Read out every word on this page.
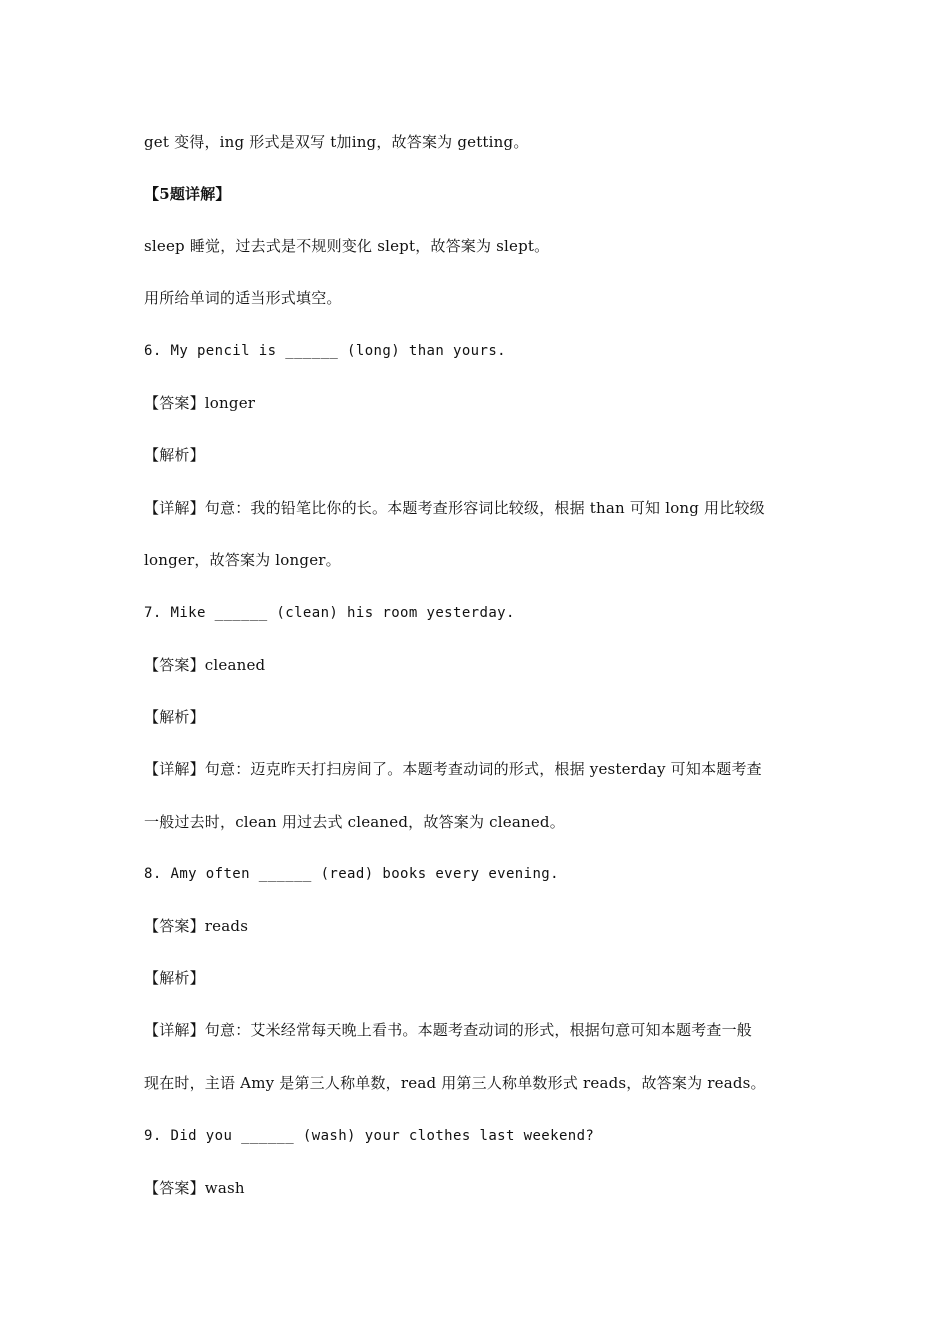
get 变得，ing 形式是双写 t加ing，故答案为 getting。
【5题详解】
sleep 睡觉，过去式是不规则变化 slept，故答案为 slept。
用所给单词的适当形式填空。
6. My pencil is ______ (long) than yours.
【答案】longer
【解析】
【详解】句意：我的铅笔比你的长。本题考查形容词比较级，根据 than 可知 long 用比较级
longer，故答案为 longer。
7. Mike ______ (clean) his room yesterday.
【答案】cleaned
【解析】
【详解】句意：迈克昨天打扫房间了。本题考查动词的形式，根据 yesterday 可知本题考查
一般过去时，clean 用过去式 cleaned，故答案为 cleaned。
8. Amy often ______ (read) books every evening.
【答案】reads
【解析】
【详解】句意：艾米经常每天晚上看书。本题考查动词的形式，根据句意可知本题考查一般
现在时，主语 Amy 是第三人称单数，read 用第三人称单数形式 reads，故答案为 reads。
9. Did you ______ (wash) your clothes last weekend?
【答案】wash
